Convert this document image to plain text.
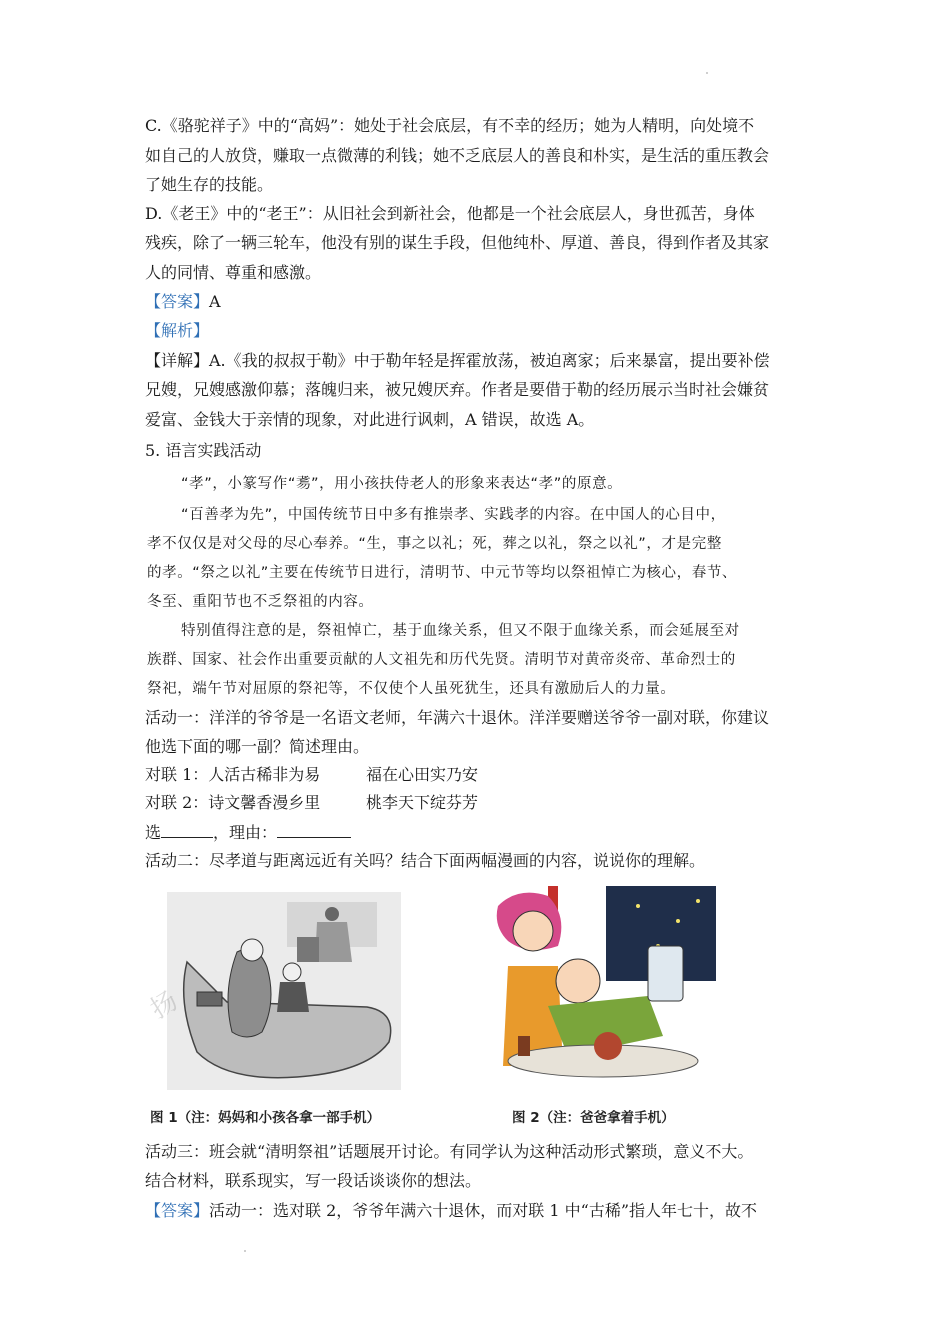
C.《骆驼祥子》中的“高妈”：她处于社会底层，有不幸的经历；她为人精明，向处境不
如自己的人放贷，赚取一点微薄的利钱；她不乏底层人的善良和朴实，是生活的重压教会
了她生存的技能。
D.《老王》中的“老王”：从旧社会到新社会，他都是一个社会底层人，身世孤苦，身体
残疾，除了一辆三轮车，他没有别的谋生手段，但他纯朴、厚道、善良，得到作者及其家
人的同情、尊重和感激。
【答案】A
【解析】
【详解】A.《我的叔叔于勒》中于勒年轻是挥霍放荡，被迫离家；后来暴富，提出要补偿
兄嫂，兄嫂感激仰慕；落魄归来，被兄嫂厌弃。作者是要借于勒的经历展示当时社会嫌贫
爱富、金钱大于亲情的现象，对此进行讽刺，A 错误，故选 A。
5. 语言实践活动
“孝”，小篆写作“𦒸”，用小孩扶侍老人的形象来表达“孝”的原意。
“百善孝为先”，中国传统节日中多有推崇孝、实践孝的内容。在中国人的心目中，
孝不仅仅是对父母的尽心奉养。“生，事之以礼；死，葬之以礼，祭之以礼”，才是完整
的孝。“祭之以礼”主要在传统节日进行，清明节、中元节等均以祭祖悼亡为核心，春节、
冬至、重阳节也不乏祭祖的内容。
特别值得注意的是，祭祖悼亡，基于血缘关系，但又不限于血缘关系，而会延展至对
族群、国家、社会作出重要贡献的人文祖先和历代先贤。清明节对黄帝炎帝、革命烈士的
祭祀，端午节对屈原的祭祀等，不仅使个人虽死犹生，还具有激励后人的力量。
活动一：洋洋的爷爷是一名语文老师，年满六十退休。洋洋要赠送爷爷一副对联，你建议
他选下面的哪一副？简述理由。
对联 1：人活古稀非为易	福在心田实乃安
对联 2：诗文馨香漫乡里	桃李天下绽芬芳
选	，理由：
活动二：尽孝道与距离远近有关吗？结合下面两幅漫画的内容，说说你的理解。
扬
图 1（注：妈妈和小孩各拿一部手机）	图 2（注：爸爸拿着手机）
活动三：班会就“清明祭祖”话题展开讨论。有同学认为这种活动形式繁琐，意义不大。
结合材料，联系现实，写一段话谈谈你的想法。
【答案】活动一：选对联 2，爷爷年满六十退休，而对联 1 中“古稀”指人年七十，故不
